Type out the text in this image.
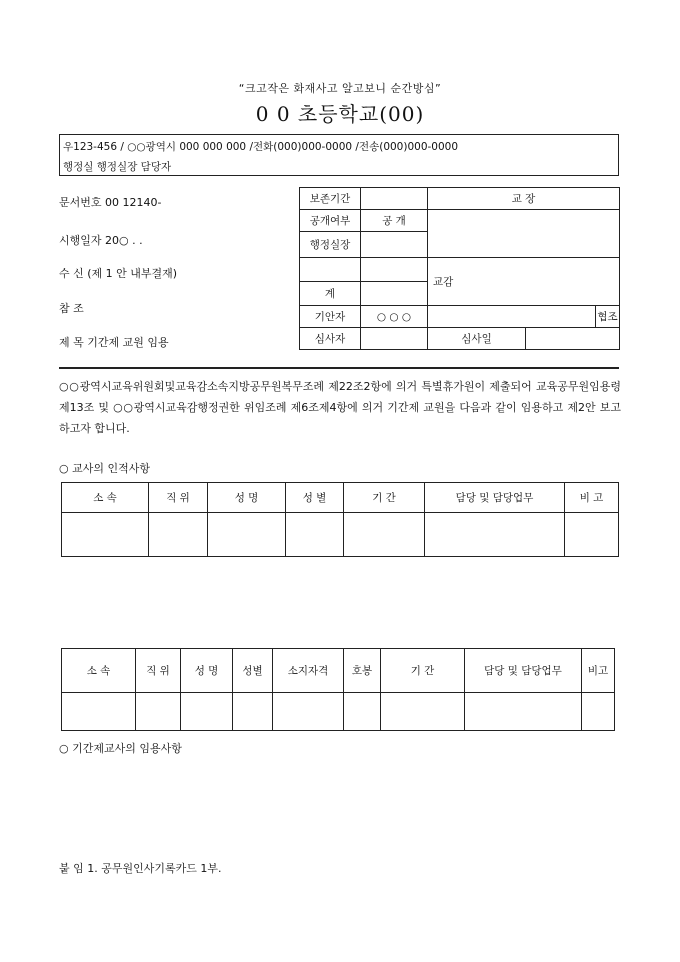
“크고작은 화재사고 알고보니 순간방심”
0 0 초등학교(00)
우123-456 / ○○광역시 000 000 000 /전화(000)000-0000 /전송(000)000-0000
행정실 행정실장 담당자
문서번호 00 12140-
시행일자 20○ . .
수 신 (제 1 안 내부결재)
참 조
제 목 기간제 교원 임용
보존기간		교 장		
공개여부	공 개			
행정실장				
		교감		
계				
기안자	○ ○ ○			협조
심사자		심사일		
○○광역시교육위원회및교육감소속지방공무원복무조례 제22조2항에 의거 특별휴가원이 제출되어 교육공무원임용령 제13조 및 ○○광역시교육감행정권한 위임조례 제6조제4항에 의거 기간제 교원을 다음과 같이 임용하고 제2안 보고하고자 합니다.
○ 교사의 인적사항
소 속	직 위	성 명	성 별	기 간	담당 및 담당업무	비 고

소 속	직 위	성 명	성별	소지자격	호봉	기 간	담당 및 담당업무	비고

○ 기간제교사의 임용사항
붙 임 1. 공무원인사기록카드 1부.
